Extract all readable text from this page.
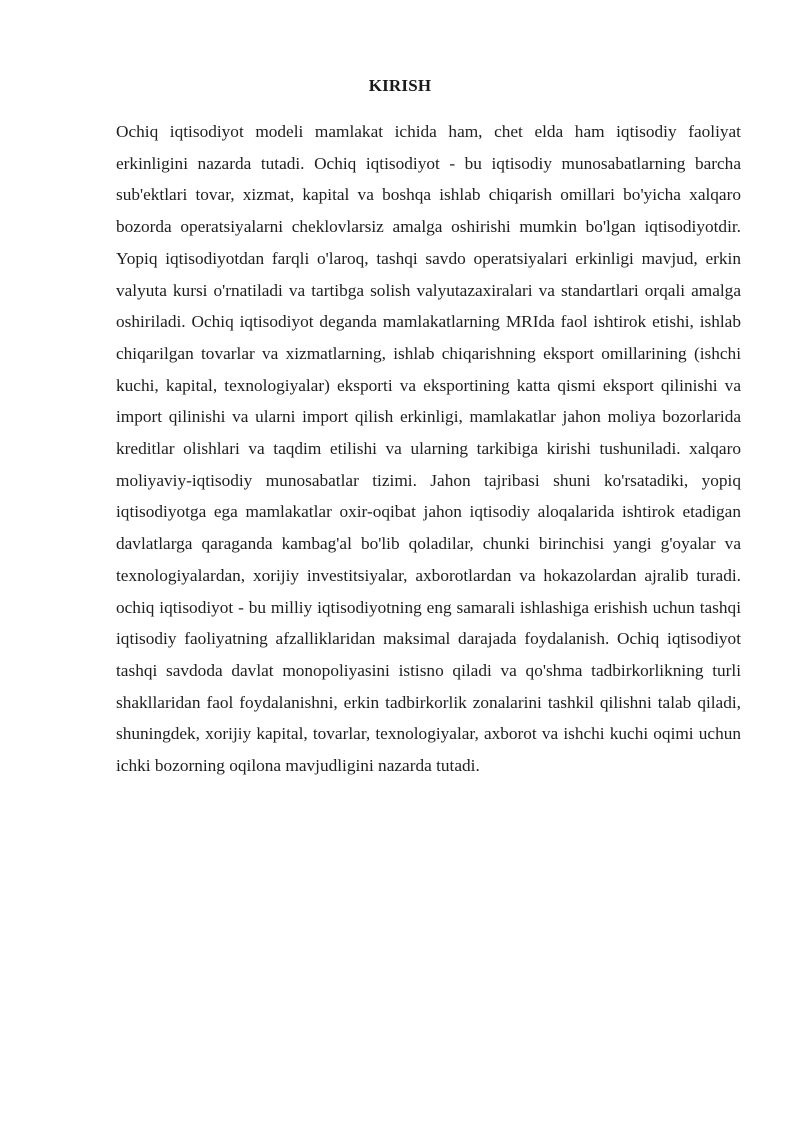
KIRISH

Ochiq iqtisodiyot modeli mamlakat ichida ham, chet elda ham iqtisodiy faoliyat erkinligini nazarda tutadi. Ochiq iqtisodiyot - bu iqtisodiy munosabatlarning barcha sub'ektlari tovar, xizmat, kapital va boshqa ishlab chiqarish omillari bo'yicha xalqaro bozorda operatsiyalarni cheklovlarsiz amalga oshirishi mumkin bo'lgan iqtisodiyotdir. Yopiq iqtisodiyotdan farqli o'laroq, tashqi savdo operatsiyalari erkinligi mavjud, erkin valyuta kursi o'rnatiladi va tartibga solish valyutazaxiralari va standartlari orqali amalga oshiriladi. Ochiq iqtisodiyot deganda mamlakatlarning MRIda faol ishtirok etishi, ishlab chiqarilgan tovarlar va xizmatlarning, ishlab chiqarishning eksport omillarining (ishchi kuchi, kapital, texnologiyalar) eksporti va eksportining katta qismi eksport qilinishi va import qilinishi va ularni import qilish erkinligi, mamlakatlar jahon moliya bozorlarida kreditlar olishlari va taqdim etilishi va ularning tarkibiga kirishi tushuniladi. xalqaro moliyaviy-iqtisodiy munosabatlar tizimi. Jahon tajribasi shuni ko'rsatadiki, yopiq iqtisodiyotga ega mamlakatlar oxir-oqibat jahon iqtisodiy aloqalarida ishtirok etadigan davlatlarga qaraganda kambag'al bo'lib qoladilar, chunki birinchisi yangi g'oyalar va texnologiyalardan, xorijiy investitsiyalar, axborotlardan va hokazolardan ajralib turadi. ochiq iqtisodiyot - bu milliy iqtisodiyotning eng samarali ishlashiga erishish uchun tashqi iqtisodiy faoliyatning afzalliklaridan maksimal darajada foydalanish. Ochiq iqtisodiyot tashqi savdoda davlat monopoliyasini istisno qiladi va qo'shma tadbirkorlikning turli shakllaridan faol foydalanishni, erkin tadbirkorlik zonalarini tashkil qilishni talab qiladi, shuningdek, xorijiy kapital, tovarlar, texnologiyalar, axborot va ishchi kuchi oqimi uchun ichki bozorning oqilona mavjudligini nazarda tutadi.
